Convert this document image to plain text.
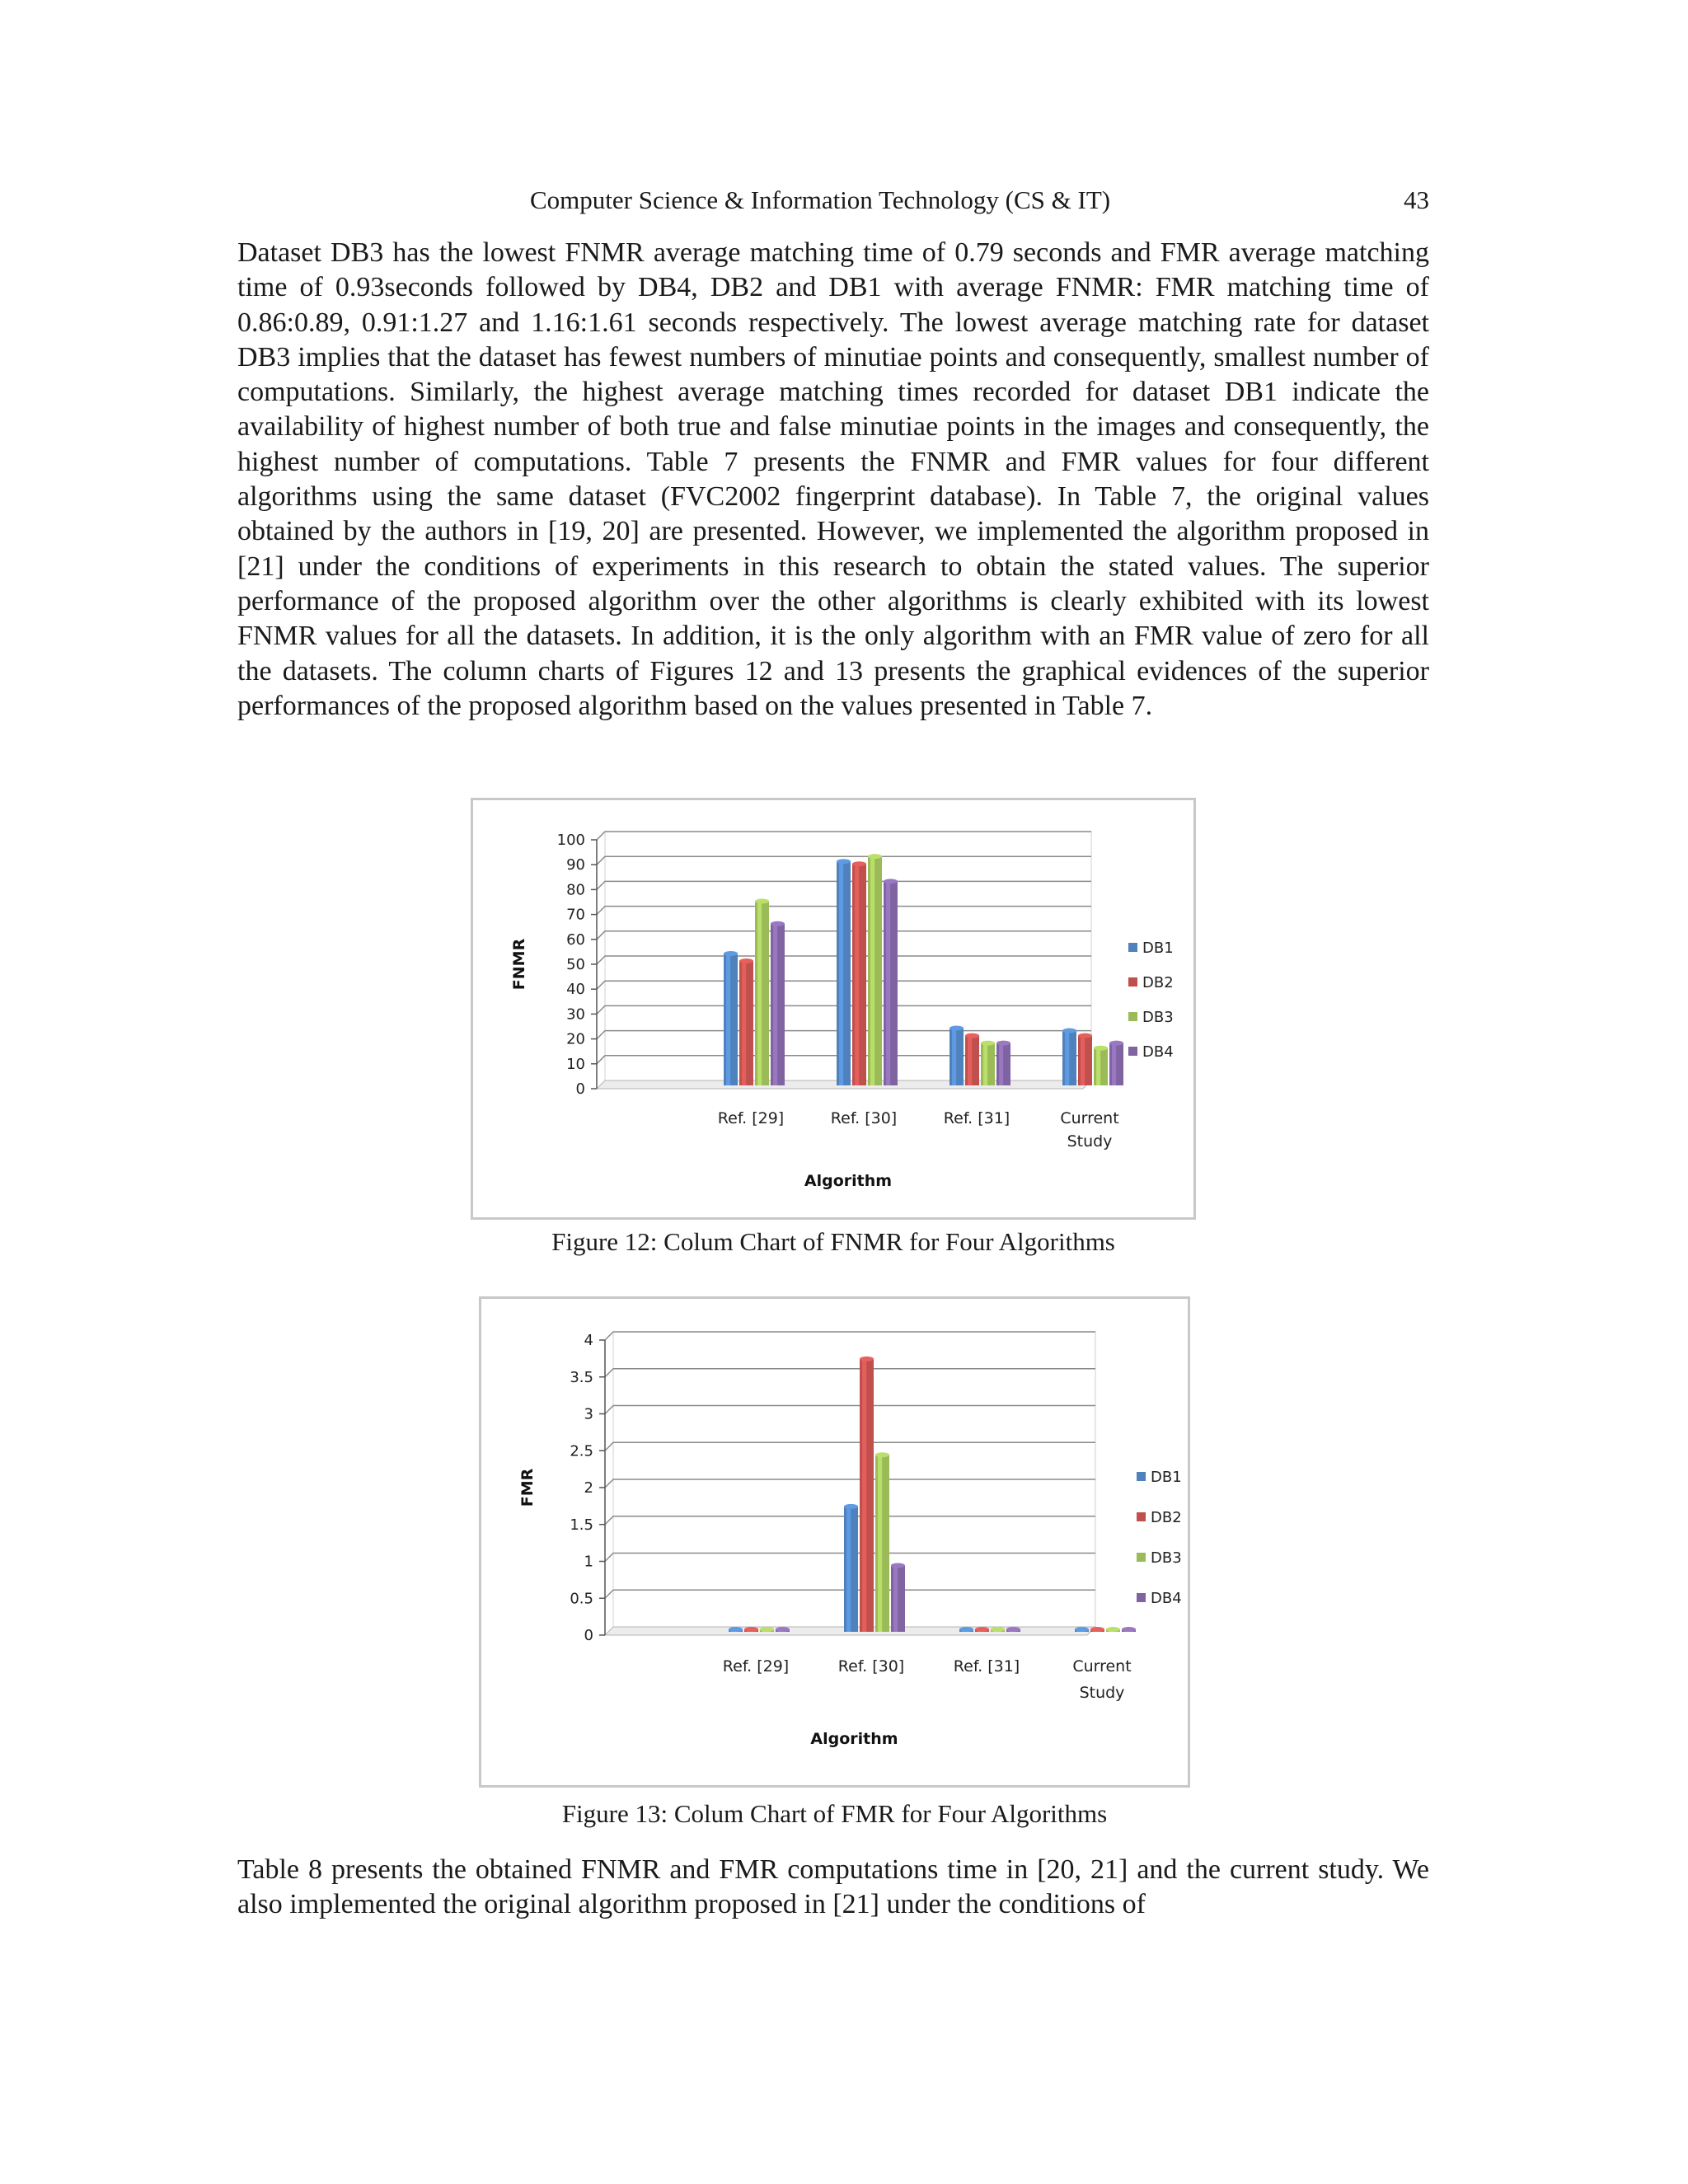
Computer Science & Information Technology (CS & IT)	43

Dataset DB3 has the lowest FNMR average matching time of 0.79 seconds and FMR average matching time of 0.93seconds followed by DB4, DB2 and DB1 with average FNMR: FMR matching time of 0.86:0.89, 0.91:1.27 and 1.16:1.61 seconds respectively. The lowest average matching rate for dataset DB3 implies that the dataset has fewest numbers of minutiae points and consequently, smallest number of computations. Similarly, the highest average matching times recorded for dataset DB1 indicate the availability of highest number of both true and false minutiae points in the images and consequently, the highest number of computations. Table 7 presents the FNMR and FMR values for four different algorithms using the same dataset (FVC2002 fingerprint database). In Table 7, the original values obtained by the authors in [19, 20] are presented. However, we implemented the algorithm proposed in [21] under the conditions of experiments in this research to obtain the stated values. The superior performance of the proposed algorithm over the other algorithms is clearly exhibited with its lowest FNMR values for all the datasets. In addition, it is the only algorithm with an FMR value of zero for all the datasets. The column charts of Figures 12 and 13 presents the graphical evidences of the superior performances of the proposed algorithm based on the values presented in Table 7.

0
10
20
30
40
50
60
70
80
90
100
Ref. [29]	Ref. [30]	Ref. [31]	Current
Study
Algorithm
FNMR	DB1
DB2
DB3
DB4
Figure 12: Colum Chart of FNMR for Four Algorithms
0
0.5
1
1.5
2
2.5
3
3.5
4
Ref. [29]	Ref. [30]	Ref. [31]	Current
Study
Algorithm
FMR	DB1
DB2
DB3
DB4
Figure 13: Colum Chart of FMR for Four Algorithms

Table 8 presents the obtained FNMR and FMR computations time in [20, 21] and the current study. We also implemented the original algorithm proposed in [21] under the conditions of
